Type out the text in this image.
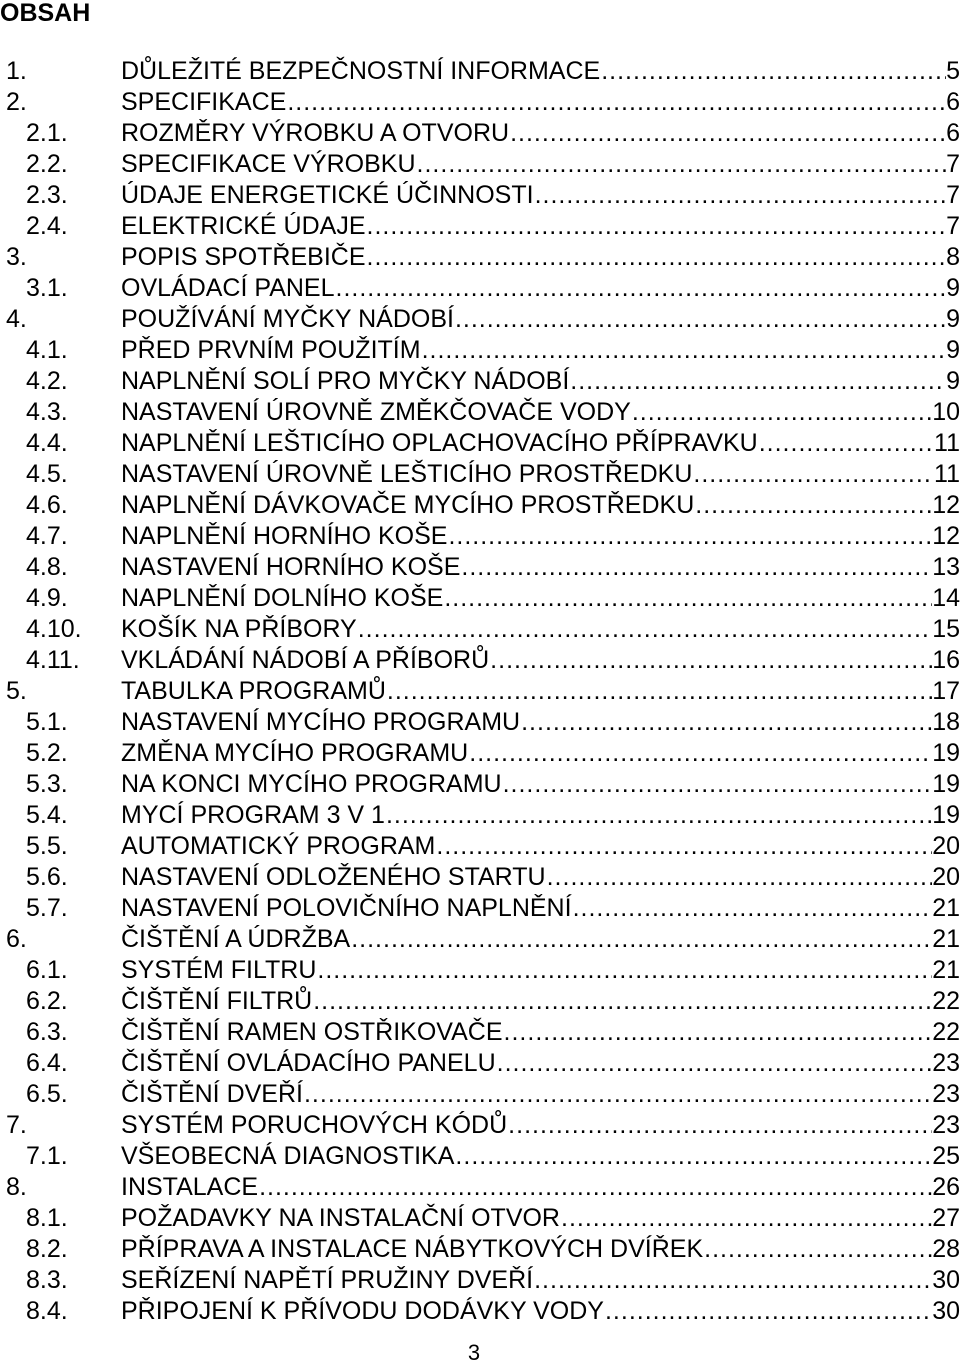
OBSAH
1.	DŮLEŽITÉ BEZPEČNOSTNÍ INFORMACE .....	5
2.	SPECIFIKACE .....	6
2.1. ROZMĚRY VÝROBKU A OTVORU .....	6
2.2. SPECIFIKACE VÝROBKU .....	7
2.3. ÚDAJE ENERGETICKÉ ÚČINNOSTI .....	7
2.4. ELEKTRICKÉ ÚDAJE .....	7
3.	POPIS SPOTŘEBIČE .....	8
3.1. OVLÁDACÍ PANEL .....	9
4.	POUŽÍVÁNÍ MYČKY NÁDOBÍ .....	9
4.1. PŘED PRVNÍM POUŽITÍM .....	9
4.2. NAPLNĚNÍ SOLÍ PRO MYČKY NÁDOBÍ .....	9
4.3. NASTAVENÍ ÚROVNĚ ZMĚKČOVAČE VODY .....	10
4.4. NAPLNĚNÍ LEŠTICÍHO OPLACHOVACÍHO PŘÍPRAVKU .....	11
4.5. NASTAVENÍ ÚROVNĚ LEŠTICÍHO PROSTŘEDKU .....	11
4.6. NAPLNĚNÍ DÁVKOVAČE MYCÍHO PROSTŘEDKU .....	12
4.7. NAPLNĚNÍ HORNÍHO KOŠE .....	12
4.8. NASTAVENÍ HORNÍHO KOŠE .....	13
4.9. NAPLNĚNÍ DOLNÍHO KOŠE .....	14
4.10. KOŠÍK NA PŘÍBORY .....	15
4.11. VKLÁDÁNÍ NÁDOBÍ A PŘÍBORŮ .....	16
5.	TABULKA PROGRAMŮ .....	17
5.1. NASTAVENÍ MYCÍHO PROGRAMU .....	18
5.2. ZMĚNA MYCÍHO PROGRAMU .....	19
5.3. NA KONCI MYCÍHO PROGRAMU .....	19
5.4. MYCÍ PROGRAM 3 V 1 .....	19
5.5. AUTOMATICKÝ PROGRAM .....	20
5.6. NASTAVENÍ ODLOŽENÉHO STARTU .....	20
5.7. NASTAVENÍ POLOVIČNÍHO NAPLNĚNÍ .....	21
6.	ČIŠTĚNÍ A ÚDRŽBA .....	21
6.1. SYSTÉM FILTRU .....	21
6.2. ČIŠTĚNÍ FILTRŮ .....	22
6.3. ČIŠTĚNÍ RAMEN OSTŘIKOVAČE .....	22
6.4. ČIŠTĚNÍ OVLÁDACÍHO PANELU .....	23
6.5. ČIŠTĚNÍ DVEŘÍ .....	23
7.	SYSTÉM PORUCHOVÝCH KÓDŮ .....	23
7.1. VŠEOBECNÁ DIAGNOSTIKA .....	25
8.	INSTALACE .....	26
8.1. POŽADAVKY NA INSTALAČNÍ OTVOR .....	27
8.2. PŘÍPRAVA A INSTALACE NÁBYTKOVÝCH DVÍŘEK .....	28
8.3. SEŘÍZENÍ NAPĚTÍ PRUŽINY DVEŘÍ .....	30
8.4. PŘIPOJENÍ K PŘÍVODU DODÁVKY VODY .....	30
3
